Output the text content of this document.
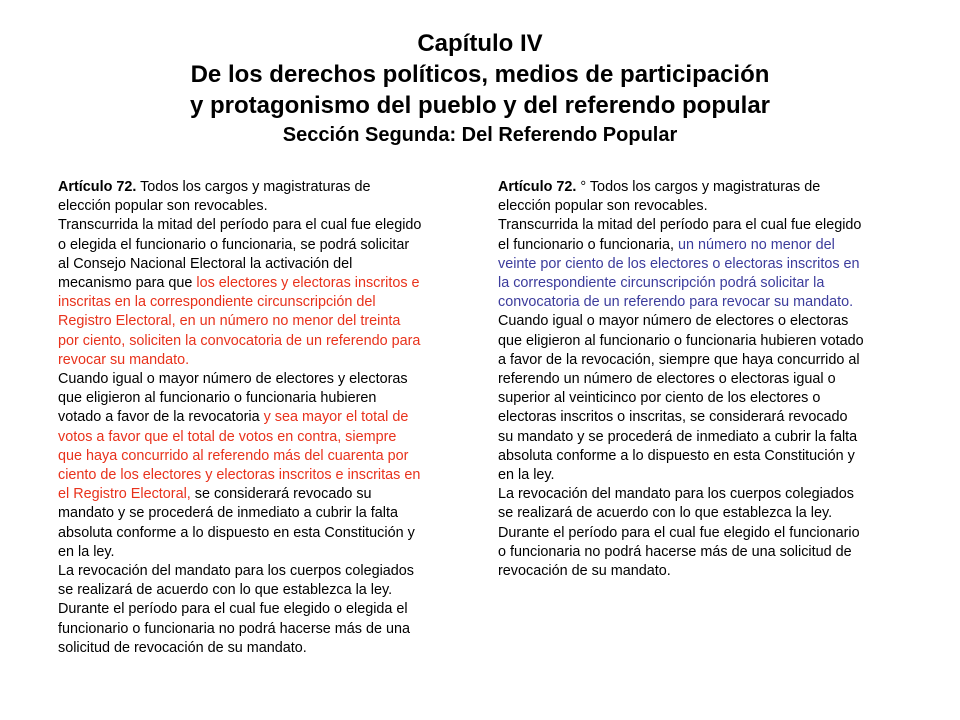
Capítulo IV
De los derechos políticos, medios de participación
y protagonismo del pueblo y del referendo popular
Sección Segunda: Del Referendo Popular
Artículo 72. Todos los cargos y magistraturas de
elección popular son revocables.
Transcurrida la mitad del período para el cual fue elegido
o elegida el funcionario o funcionaria, se podrá solicitar
al Consejo Nacional Electoral la activación del
mecanismo para que los electores y electoras inscritos e
inscritas en la correspondiente circunscripción del
Registro Electoral, en un número no menor del treinta
por ciento, soliciten la convocatoria de un referendo para
revocar su mandato.
Cuando igual o mayor número de electores y electoras
que eligieron al funcionario o funcionaria hubieren
votado a favor de la revocatoria y sea mayor el total de
votos a favor que el total de votos en contra, siempre
que haya concurrido al referendo más del cuarenta por
ciento de los electores y electoras inscritos e inscritas en
el Registro Electoral, se considerará revocado su
mandato y se procederá de inmediato a cubrir la falta
absoluta conforme a lo dispuesto en esta Constitución y
en la ley.
La revocación del mandato para los cuerpos colegiados
se realizará de acuerdo con lo que establezca la ley.
Durante el período para el cual fue elegido o elegida el
funcionario o funcionaria no podrá hacerse más de una
solicitud de revocación de su mandato.
Artículo 72. ° Todos los cargos y magistraturas de
elección popular son revocables.
Transcurrida la mitad del período para el cual fue elegido
el funcionario o funcionaria, un número no menor del
veinte por ciento de los electores o electoras inscritos en
la correspondiente circunscripción podrá solicitar la
convocatoria de un referendo para revocar su mandato.
Cuando igual o mayor número de electores o electoras
que eligieron al funcionario o funcionaria hubieren votado
a favor de la revocación, siempre que haya concurrido al
referendo un número de electores o electoras igual o
superior al veinticinco por ciento de los electores o
electoras inscritos o inscritas, se considerará revocado
su mandato y se procederá de inmediato a cubrir la falta
absoluta conforme a lo dispuesto en esta Constitución y
en la ley.
La revocación del mandato para los cuerpos colegiados
se realizará de acuerdo con lo que establezca la ley.
Durante el período para el cual fue elegido el funcionario
o funcionaria no podrá hacerse más de una solicitud de
revocación de su mandato.
